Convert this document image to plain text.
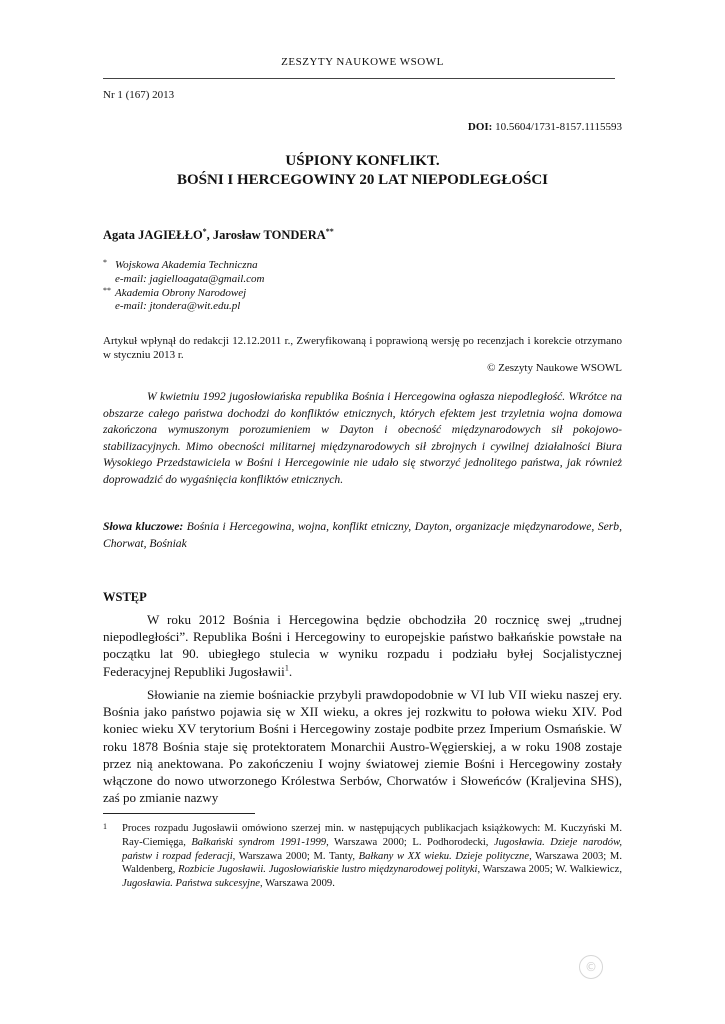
ZESZYTY NAUKOWE WSOWL
Nr 1 (167) 2013
DOI: 10.5604/1731-8157.1115593
UŚPIONY KONFLIKT.
BOŚNI I HERCEGOWINY 20 LAT NIEPODLEGŁOŚCI
Agata JAGIEŁŁO*, Jarosław TONDERA**
* Wojskowa Akademia Techniczna
e-mail: jagielloagata@gmail.com
** Akademia Obrony Narodowej
e-mail: jtondera@wit.edu.pl
Artykuł wpłynął do redakcji 12.12.2011 r., Zweryfikowaną i poprawioną wersję po recenzjach i korekcie otrzymano w styczniu 2013 r.
© Zeszyty Naukowe WSOWL
W kwietniu 1992 jugosłowiańska republika Bośnia i Hercegowina ogłasza niepodległość. Wkrótce na obszarze całego państwa dochodzi do konfliktów etnicznych, których efektem jest trzyletnia wojna domowa zakończona wymuszonym porozumieniem w Dayton i obecność międzynarodowych sił pokojowo-stabilizacyjnych. Mimo obecności militarnej międzynarodowych sił zbrojnych i cywilnej działalności Biura Wysokiego Przedstawiciela w Bośni i Hercegowinie nie udało się stworzyć jednolitego państwa, jak również doprowadzić do wygaśnięcia konfliktów etnicznych.
Słowa kluczowe: Bośnia i Hercegowina, wojna, konflikt etniczny, Dayton, organizacje międzynarodowe, Serb, Chorwat, Bośniak
WSTĘP
W roku 2012 Bośnia i Hercegowina będzie obchodziła 20 rocznicę swej „trudnej niepodległości”. Republika Bośni i Hercegowiny to europejskie państwo bałkańskie powstałe na początku lat 90. ubiegłego stulecia w wyniku rozpadu i podziału byłej Socjalistycznej Federacyjnej Republiki Jugosławii$^1$.
Słowianie na ziemie bośniackie przybyli prawdopodobnie w VI lub VII wieku naszej ery. Bośnia jako państwo pojawia się w XII wieku, a okres jej rozkwitu to połowa wieku XIV. Pod koniec wieku XV terytorium Bośni i Hercegowiny zostaje podbite przez Imperium Osmańskie. W roku 1878 Bośnia staje się protektoratem Monarchii Austro-Węgierskiej, a w roku 1908 zostaje przez nią anektowana. Po zakończeniu I wojny światowej ziemie Bośni i Hercegowiny zostały włączone do nowo utworzonego Królestwa Serbów, Chorwatów i Słoweńców (Kraljevina SHS), zaś po zmianie nazwy
1 Proces rozpadu Jugosławii omówiono szerzej min. w następujących publikacjach książkowych: M. Kuczyński M. Ray-Ciemięga, Bałkański syndrom 1991-1999, Warszawa 2000; L. Podhorodecki, Jugosławia. Dzieje narodów, państw i rozpad federacji, Warszawa 2000; M. Tanty, Bałkany w XX wieku. Dzieje polityczne, Warszawa 2003; M. Waldenberg, Rozbicie Jugosławii. Jugosłowiańskie lustro międzynarodowej polityki, Warszawa 2005; W. Walkiewicz, Jugosławia. Państwa sukcesyjne, Warszawa 2009.
©
